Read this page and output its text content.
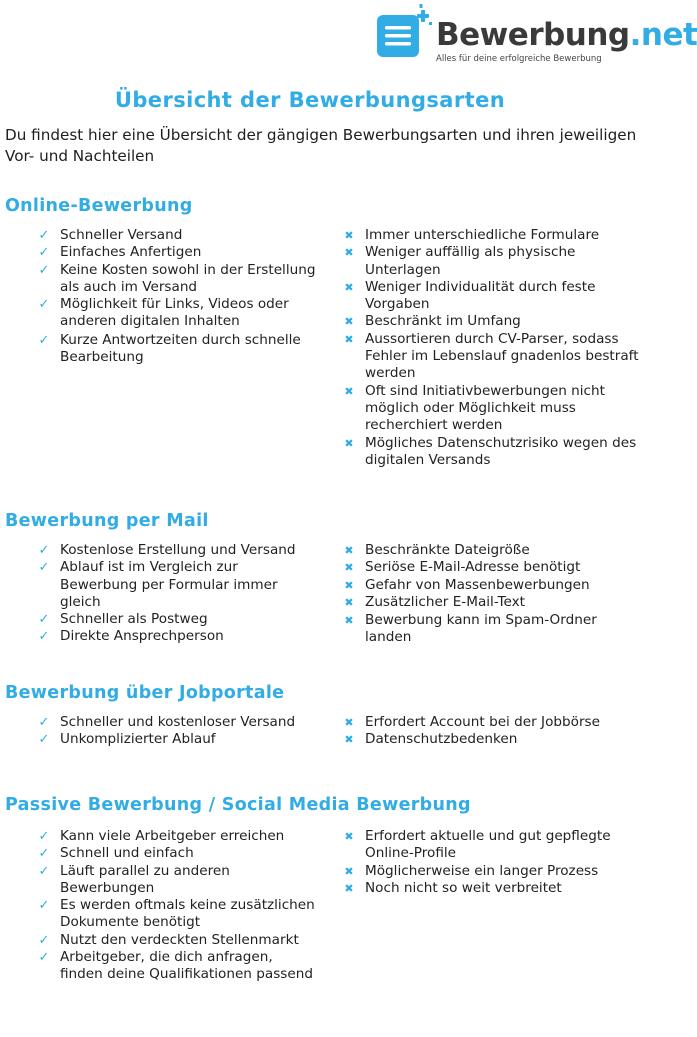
Bewerbung.net
Alles für deine erfolgreiche Bewerbung
Übersicht der Bewerbungsarten

Du findest hier eine Übersicht der gängigen Bewerbungsarten und ihren jeweiligen Vor- und Nachteilen

Online-Bewerbung
✓ Schneller Versand
✓ Einfaches Anfertigen
✓ Keine Kosten sowohl in der Erstellung als auch im Versand
✓ Möglichkeit für Links, Videos oder anderen digitalen Inhalten
✓ Kurze Antwortzeiten durch schnelle Bearbeitung
✖ Immer unterschiedliche Formulare
✖ Weniger auffällig als physische Unterlagen
✖ Weniger Individualität durch feste Vorgaben
✖ Beschränkt im Umfang
✖ Aussortieren durch CV-Parser, sodass Fehler im Lebenslauf gnadenlos bestraft werden
✖ Oft sind Initiativbewerbungen nicht möglich oder Möglichkeit muss recherchiert werden
✖ Mögliches Datenschutzrisiko wegen des digitalen Versands
Bewerbung per Mail
✓ Kostenlose Erstellung und Versand
✓ Ablauf ist im Vergleich zur Bewerbung per Formular immer gleich
✓ Schneller als Postweg
✓ Direkte Ansprechperson
✖ Beschränkte Dateigröße
✖ Seriöse E-Mail-Adresse benötigt
✖ Gefahr von Massenbewerbungen
✖ Zusätzlicher E-Mail-Text
✖ Bewerbung kann im Spam-Ordner landen
Bewerbung über Jobportale
✓ Schneller und kostenloser Versand
✓ Unkomplizierter Ablauf
✖ Erfordert Account bei der Jobbörse
✖ Datenschutzbedenken
Passive Bewerbung / Social Media Bewerbung
✓ Kann viele Arbeitgeber erreichen
✓ Schnell und einfach
✓ Läuft parallel zu anderen Bewerbungen
✓ Es werden oftmals keine zusätzlichen Dokumente benötigt
✓ Nutzt den verdeckten Stellenmarkt
✓ Arbeitgeber, die dich anfragen, finden deine Qualifikationen passend
✖ Erfordert aktuelle und gut gepflegte Online-Profile
✖ Möglicherweise ein langer Prozess
✖ Noch nicht so weit verbreitet
